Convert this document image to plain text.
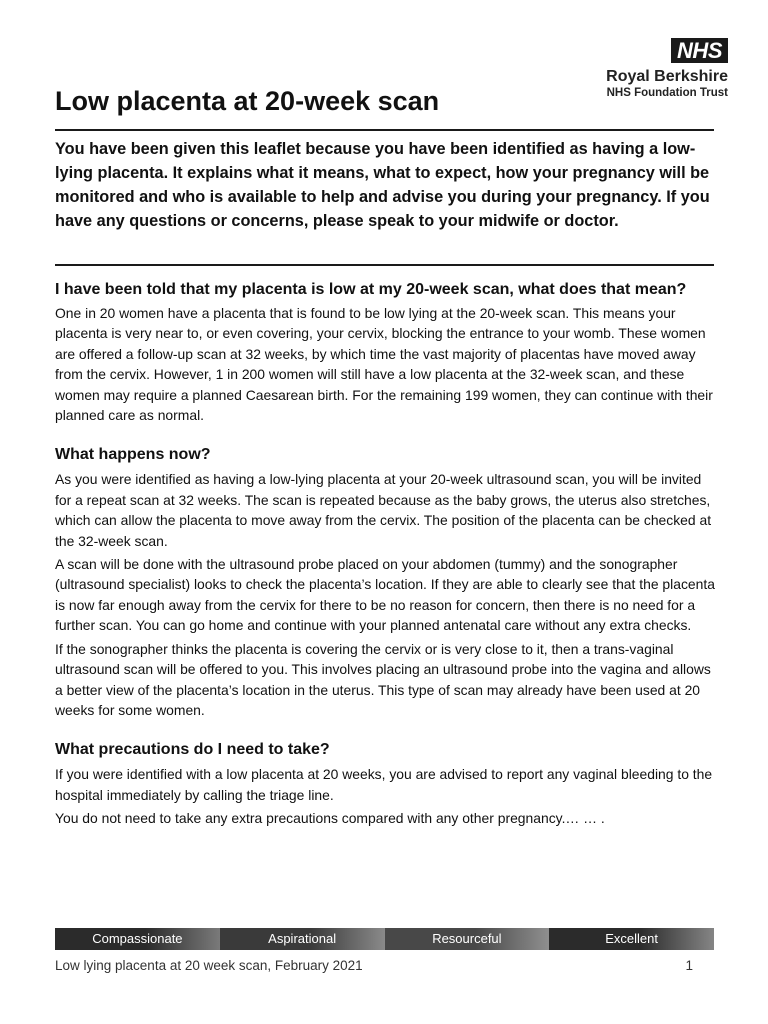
NHS
Royal Berkshire
NHS Foundation Trust
Low placenta at 20-week scan

You have been given this leaflet because you have been identified as having a low-lying placenta. It explains what it means, what to expect, how your pregnancy will be monitored and who is available to help and advise you during your pregnancy. If you have any questions or concerns, please speak to your midwife or doctor.

I have been told that my placenta is low at my 20-week scan, what does that mean?

One in 20 women have a placenta that is found to be low lying at the 20-week scan. This means your placenta is very near to, or even covering, your cervix, blocking the entrance to your womb. These women are offered a follow-up scan at 32 weeks, by which time the vast majority of placentas have moved away from the cervix. However, 1 in 200 women will still have a low placenta at the 32-week scan, and these women may require a planned Caesarean birth. For the remaining 199 women, they can continue with their planned care as normal.

What happens now?

As you were identified as having a low-lying placenta at your 20-week ultrasound scan, you will be invited for a repeat scan at 32 weeks. The scan is repeated because as the baby grows, the uterus also stretches, which can allow the placenta to move away from the cervix. The position of the placenta can be checked at the 32-week scan.

A scan will be done with the ultrasound probe placed on your abdomen (tummy) and the sonographer (ultrasound specialist) looks to check the placenta’s location. If they are able to clearly see that the placenta is now far enough away from the cervix for there to be no reason for concern, then there is no need for a further scan. You can go home and continue with your planned antenatal care without any extra checks.

If the sonographer thinks the placenta is covering the cervix or is very close to it, then a trans-vaginal ultrasound scan will be offered to you. This involves placing an ultrasound probe into the vagina and allows a better view of the placenta’s location in the uterus. This type of scan may already have been used at 20 weeks for some women.

What precautions do I need to take?

If you were identified with a low placenta at 20 weeks, you are advised to report any vaginal bleeding to the hospital immediately by calling the triage line.

You do not need to take any extra precautions compared with any other pregnancy.… … .

Compassionate	Aspirational	Resourceful	Excellent
Low lying placenta at 20 week scan, February 2021	1
